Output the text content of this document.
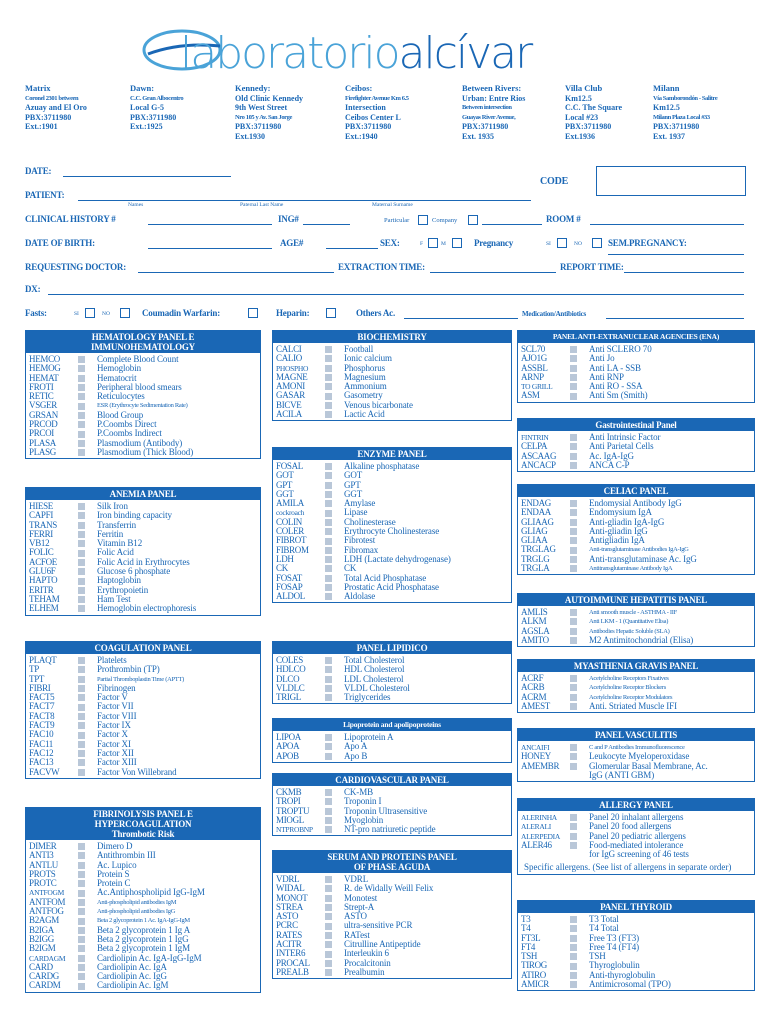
laboratorioalcívar
Matrix
Coronel 2301 between
Azuay and El Oro
PBX:3711980
Ext.:1901
Dawn:
C.C. Gran Albocentro
Local G-5
PBX:3711980
Ext.:1925
Kennedy:
Old Clinic Kennedy
9th West Street
Nro 105 y Av. San Jorge
PBX:3711980
Ext.1930
Ceibos:
Firefighter Avenue Km 6.5
Intersection
Ceibos Center L
PBX:3711980
Ext.:1940
Between Rivers:
Urban: Entre Rios
Between intersection
Guayas River Avenue,
PBX:3711980
Ext. 1935
Villa Club
Km12.5
C.C. The Square
Local #23
PBX:3711980
Ext.1936
Milann
Vía Samborondón - Salitre
Km12.5
Milann Plaza Local #33
PBX:3711980
Ext. 1937
DATE:
CODE
PATIENT:
Names	Paternal Last Name	Maternal Surname
CLINICAL HISTORY #	ING#	Particular	Company	ROOM #
DATE OF BIRTH:	AGE#	SEX:	F	M	Pregnancy	SI	NO	SEM.PREGNANCY:
REQUESTING DOCTOR:	EXTRACTION TIME:	REPORT TIME:
DX:
Fasts:	SI	NO	Coumadin Warfarin:	Heparin:	Others Ac.	Medication/Antibiotics
HEMATOLOGY PANEL E
IMMUNOHEMATOLOGY
HEMCO	Complete Blood Count
HEMOG	Hemoglobin
HEMAT	Hematocrit
FROTI	Peripheral blood smears
RETIC	Reticulocytes
VSGER	ESR (Erythrocyte Sedimentation Rate)
GRSAN	Blood Group
PRCOD	P.Coombs Direct
PRCOI	P.Coombs Indirect
PLASA	Plasmodium (Antibody)
PLASG	Plasmodium (Thick Blood)
ANEMIA PANEL
HIESE	Silk Iron
CAPFI	Iron binding capacity
TRANS	Transferrin
FERRI	Ferritin
VB12	Vitamin B12
FOLIC	Folic Acid
ACFOE	Folic Acid in Erythrocytes
GLU6F	Glucose 6 phosphate
HAPTO	Haptoglobin
ERITR	Erythropoietin
TEHAM	Ham Test
ELHEM	Hemoglobin electrophoresis
COAGULATION PANEL
PLAQT	Platelets
TP	Prothrombin (TP)
TPT	Partial Thromboplastin Time (APTT)
FIBRI	Fibrinogen
FACT5	Factor V
FACT7	Factor VII
FACT8	Factor VIII
FACT9	Factor IX
FAC10	Factor X
FAC11	Factor XI
FAC12	Factor XII
FAC13	Factor XIII
FACVW	Factor Von Willebrand
FIBRINOLYSIS PANEL E
HYPERCOAGULATION
Thrombotic Risk
DIMER	Dimero D
ANTI3	Antithrombin III
ANTLU	Ac. Lupico
PROTS	Protein S
PROTC	Protein C
ANTFOGM	Ac.Antiphospholipid IgG-IgM
ANTFOM	Anti-phospholipid antibodies IgM
ANTFOG	Anti-phospholipid antibodies IgG
B2AGM	Beta 2 glycoprotein 1 Ac. IgA-IgG-IgM
B2IGA	Beta 2 glycoprotein 1 Ig A
B2IGG	Beta 2 glycoprotein 1 IgG
B2IGM	Beta 2 glycoprotein 1 IgM
CARDAGM	Cardiolipin Ac. IgA-IgG-IgM
CARD	Cardiolipin Ac. IgA
CARDG	Cardiolipin Ac. IgG
CARDM	Cardiolipin Ac. IgM
BIOCHEMISTRY
CALCI	Football
CALIO	Ionic calcium
PHOSPHO	Phosphorus
MAGNE	Magnesium
AMONI	Ammonium
GASAR	Gasometry
BICVE	Venous bicarbonate
ACILA	Lactic Acid
ENZYME PANEL
FOSAL	Alkaline phosphatase
GOT	GOT
GPT	GPT
GGT	GGT
AMILA	Amylase
cockroach	Lipase
COLIN	Cholinesterase
COLER	Erythrocyte Cholinesterase
FIBROT	Fibrotest
FIBROM	Fibromax
LDH	LDH (Lactate dehydrogenase)
CK	CK
FOSAT	Total Acid Phosphatase
FOSAP	Prostatic Acid Phosphatase
ALDOL	Aldolase
PANEL LIPIDICO
COLES	Total Cholesterol
HDLCO	HDL Cholesterol
DLCO	LDL Cholesterol
VLDLC	VLDL Cholesterol
TRIGL	Triglycerides
Lipoprotein and apolipoproteins
LIPOA	Lipoprotein A
APOA	Apo A
APOB	Apo B
CARDIOVASCULAR PANEL
CKMB	CK-MB
TROPI	Troponin I
TROPTU	Troponin Ultrasensitive
MIOGL	Myoglobin
NTPROBNP	NT-pro natriuretic peptide
SERUM AND PROTEINS PANEL
OF PHASE AGUDA
VDRL	VDRL
WIDAL	R. de Widally Weill Felix
MONOT	Monotest
STREA	Strept-A
ASTO	ASTO
PCRC	ultra-sensitive PCR
RATES	RATest
ACITR	Citrulline Antipeptide
INTER6	Interleukin 6
PROCAL	Procalcitonin
PREALB	Prealbumin
PANEL ANTI-EXTRANUCLEAR AGENCIES (ENA)
SCL70	Anti SCLERO 70
AJO1G	Anti Jo
ASSBL	Anti LA - SSB
ARNP	Anti RNP
TO GRILL	Anti RO - SSA
ASM	Anti Sm (Smith)
Gastrointestinal Panel
FINTRIN	Anti Intrinsic Factor
CELPA	Anti Parietal Cells
ASCAAG	Ac. IgA-IgG
ANCACP	ANCA C-P
CELIAC PANEL
ENDAG	Endomysial Antibody IgG
ENDAA	Endomysium IgA
GLIAAG	Anti-gliadin IgA-IgG
GLIAG	Anti-gliadin IgG
GLIAA	Antigliadin IgA
TRGLAG	Anti-transglutaminase Antibodies IgA-IgG
TRGLG	Anti-transglutaminase Ac. IgG
TRGLA	Antitransglutaminase Antibody IgA
AUTOIMMUNE HEPATITIS PANEL
AMLIS	Anti smooth muscle - ASTHMA - IIF
ALKM	Anti LKM - 1 (Quantitative Elisa)
AGSLA	Antibodies Hepatic Soluble (SLA)
AMITO	M2 Antimitochondrial (Elisa)
MYASTHENIA GRAVIS PANEL
ACRF	Acetylcholine Receptors Fixatives
ACRB	Acetylcholine Receptor Blockers
ACRM	Acetylcholine Receptor Modulators
AMEST	Anti. Striated Muscle IFI
PANEL VASCULITIS
ANCAIFI	C and P Antibodies Immunofluorescence
HONEY	Leukocyte Myeloperoxidase
AMEMBR	Glomerular Basal Membrane, Ac.
IgG (ANTI GBM)
ALLERGY PANEL
ALERINHA	Panel 20 inhalant allergens
ALERALI	Panel 20 food allergens
ALERPEDIA	Panel 20 pediatric allergens
ALER46	Food-mediated intolerance
for IgG screening of 46 tests
Specific allergens. (See list of allergens in separate order)
PANEL THYROID
T3	T3 Total
T4	T4 Total
FT3L	Free T3 (FT3)
FT4	Free T4 (FT4)
TSH	TSH
TIROG	Thyroglobulin
ATIRO	Anti-thyroglobulin
AMICR	Antimicrosomal (TPO)
